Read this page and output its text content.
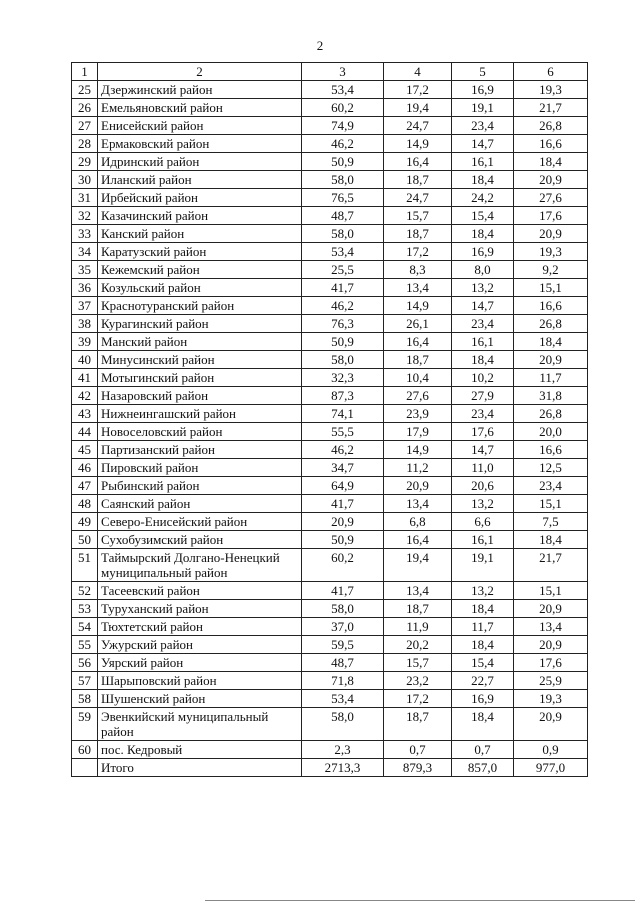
2
1	2	3	4	5	6
25	Дзержинский район	53,4	17,2	16,9	19,3
26	Емельяновский район	60,2	19,4	19,1	21,7
27	Енисейский район	74,9	24,7	23,4	26,8
28	Ермаковский район	46,2	14,9	14,7	16,6
29	Идринский район	50,9	16,4	16,1	18,4
30	Иланский район	58,0	18,7	18,4	20,9
31	Ирбейский район	76,5	24,7	24,2	27,6
32	Казачинский район	48,7	15,7	15,4	17,6
33	Канский район	58,0	18,7	18,4	20,9
34	Каратузский район	53,4	17,2	16,9	19,3
35	Кежемский район	25,5	8,3	8,0	9,2
36	Козульский район	41,7	13,4	13,2	15,1
37	Краснотуранский район	46,2	14,9	14,7	16,6
38	Курагинский район	76,3	26,1	23,4	26,8
39	Манский район	50,9	16,4	16,1	18,4
40	Минусинский район	58,0	18,7	18,4	20,9
41	Мотыгинский район	32,3	10,4	10,2	11,7
42	Назаровский район	87,3	27,6	27,9	31,8
43	Нижнеингашский район	74,1	23,9	23,4	26,8
44	Новоселовский район	55,5	17,9	17,6	20,0
45	Партизанский район	46,2	14,9	14,7	16,6
46	Пировский район	34,7	11,2	11,0	12,5
47	Рыбинский район	64,9	20,9	20,6	23,4
48	Саянский район	41,7	13,4	13,2	15,1
49	Северо-Енисейский район	20,9	6,8	6,6	7,5
50	Сухобузимский район	50,9	16,4	16,1	18,4
51	Таймырский Долгано-Ненецкий муниципальный район	60,2	19,4	19,1	21,7
52	Тасеевский район	41,7	13,4	13,2	15,1
53	Туруханский район	58,0	18,7	18,4	20,9
54	Тюхтетский район	37,0	11,9	11,7	13,4
55	Ужурский район	59,5	20,2	18,4	20,9
56	Уярский район	48,7	15,7	15,4	17,6
57	Шарыповский район	71,8	23,2	22,7	25,9
58	Шушенский район	53,4	17,2	16,9	19,3
59	Эвенкийский муниципальный район	58,0	18,7	18,4	20,9
60	пос. Кедровый	2,3	0,7	0,7	0,9
	Итого	2713,3	879,3	857,0	977,0
